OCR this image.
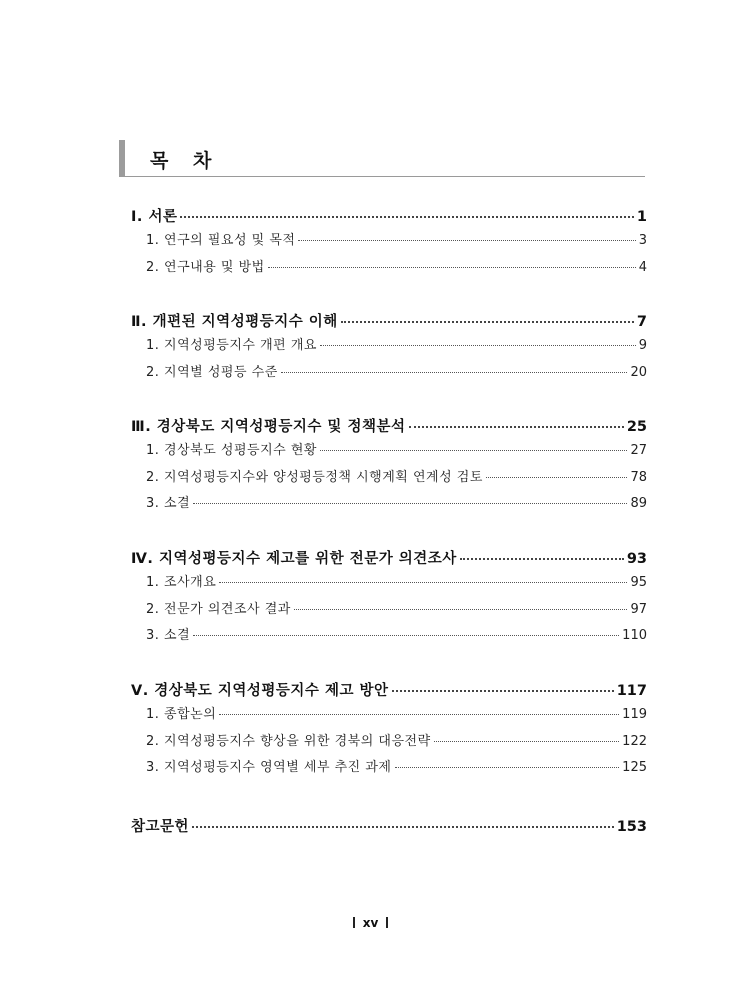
목 차
Ⅰ. 서론	1
1. 연구의 필요성 및 목적	3
2. 연구내용 및 방법	4
Ⅱ. 개편된 지역성평등지수 이해	7
1. 지역성평등지수 개편 개요	9
2. 지역별 성평등 수준	20
Ⅲ. 경상북도 지역성평등지수 및 정책분석	25
1. 경상북도 성평등지수 현황	27
2. 지역성평등지수와 양성평등정책 시행계획 연계성 검토	78
3. 소결	89
Ⅳ. 지역성평등지수 제고를 위한 전문가 의견조사	93
1. 조사개요	95
2. 전문가 의견조사 결과	97
3. 소결	110
Ⅴ. 경상북도 지역성평등지수 제고 방안	117
1. 종합논의	119
2. 지역성평등지수 향상을 위한 경북의 대응전략	122
3. 지역성평등지수 영역별 세부 추진 과제	125
참고문헌	153
xv
